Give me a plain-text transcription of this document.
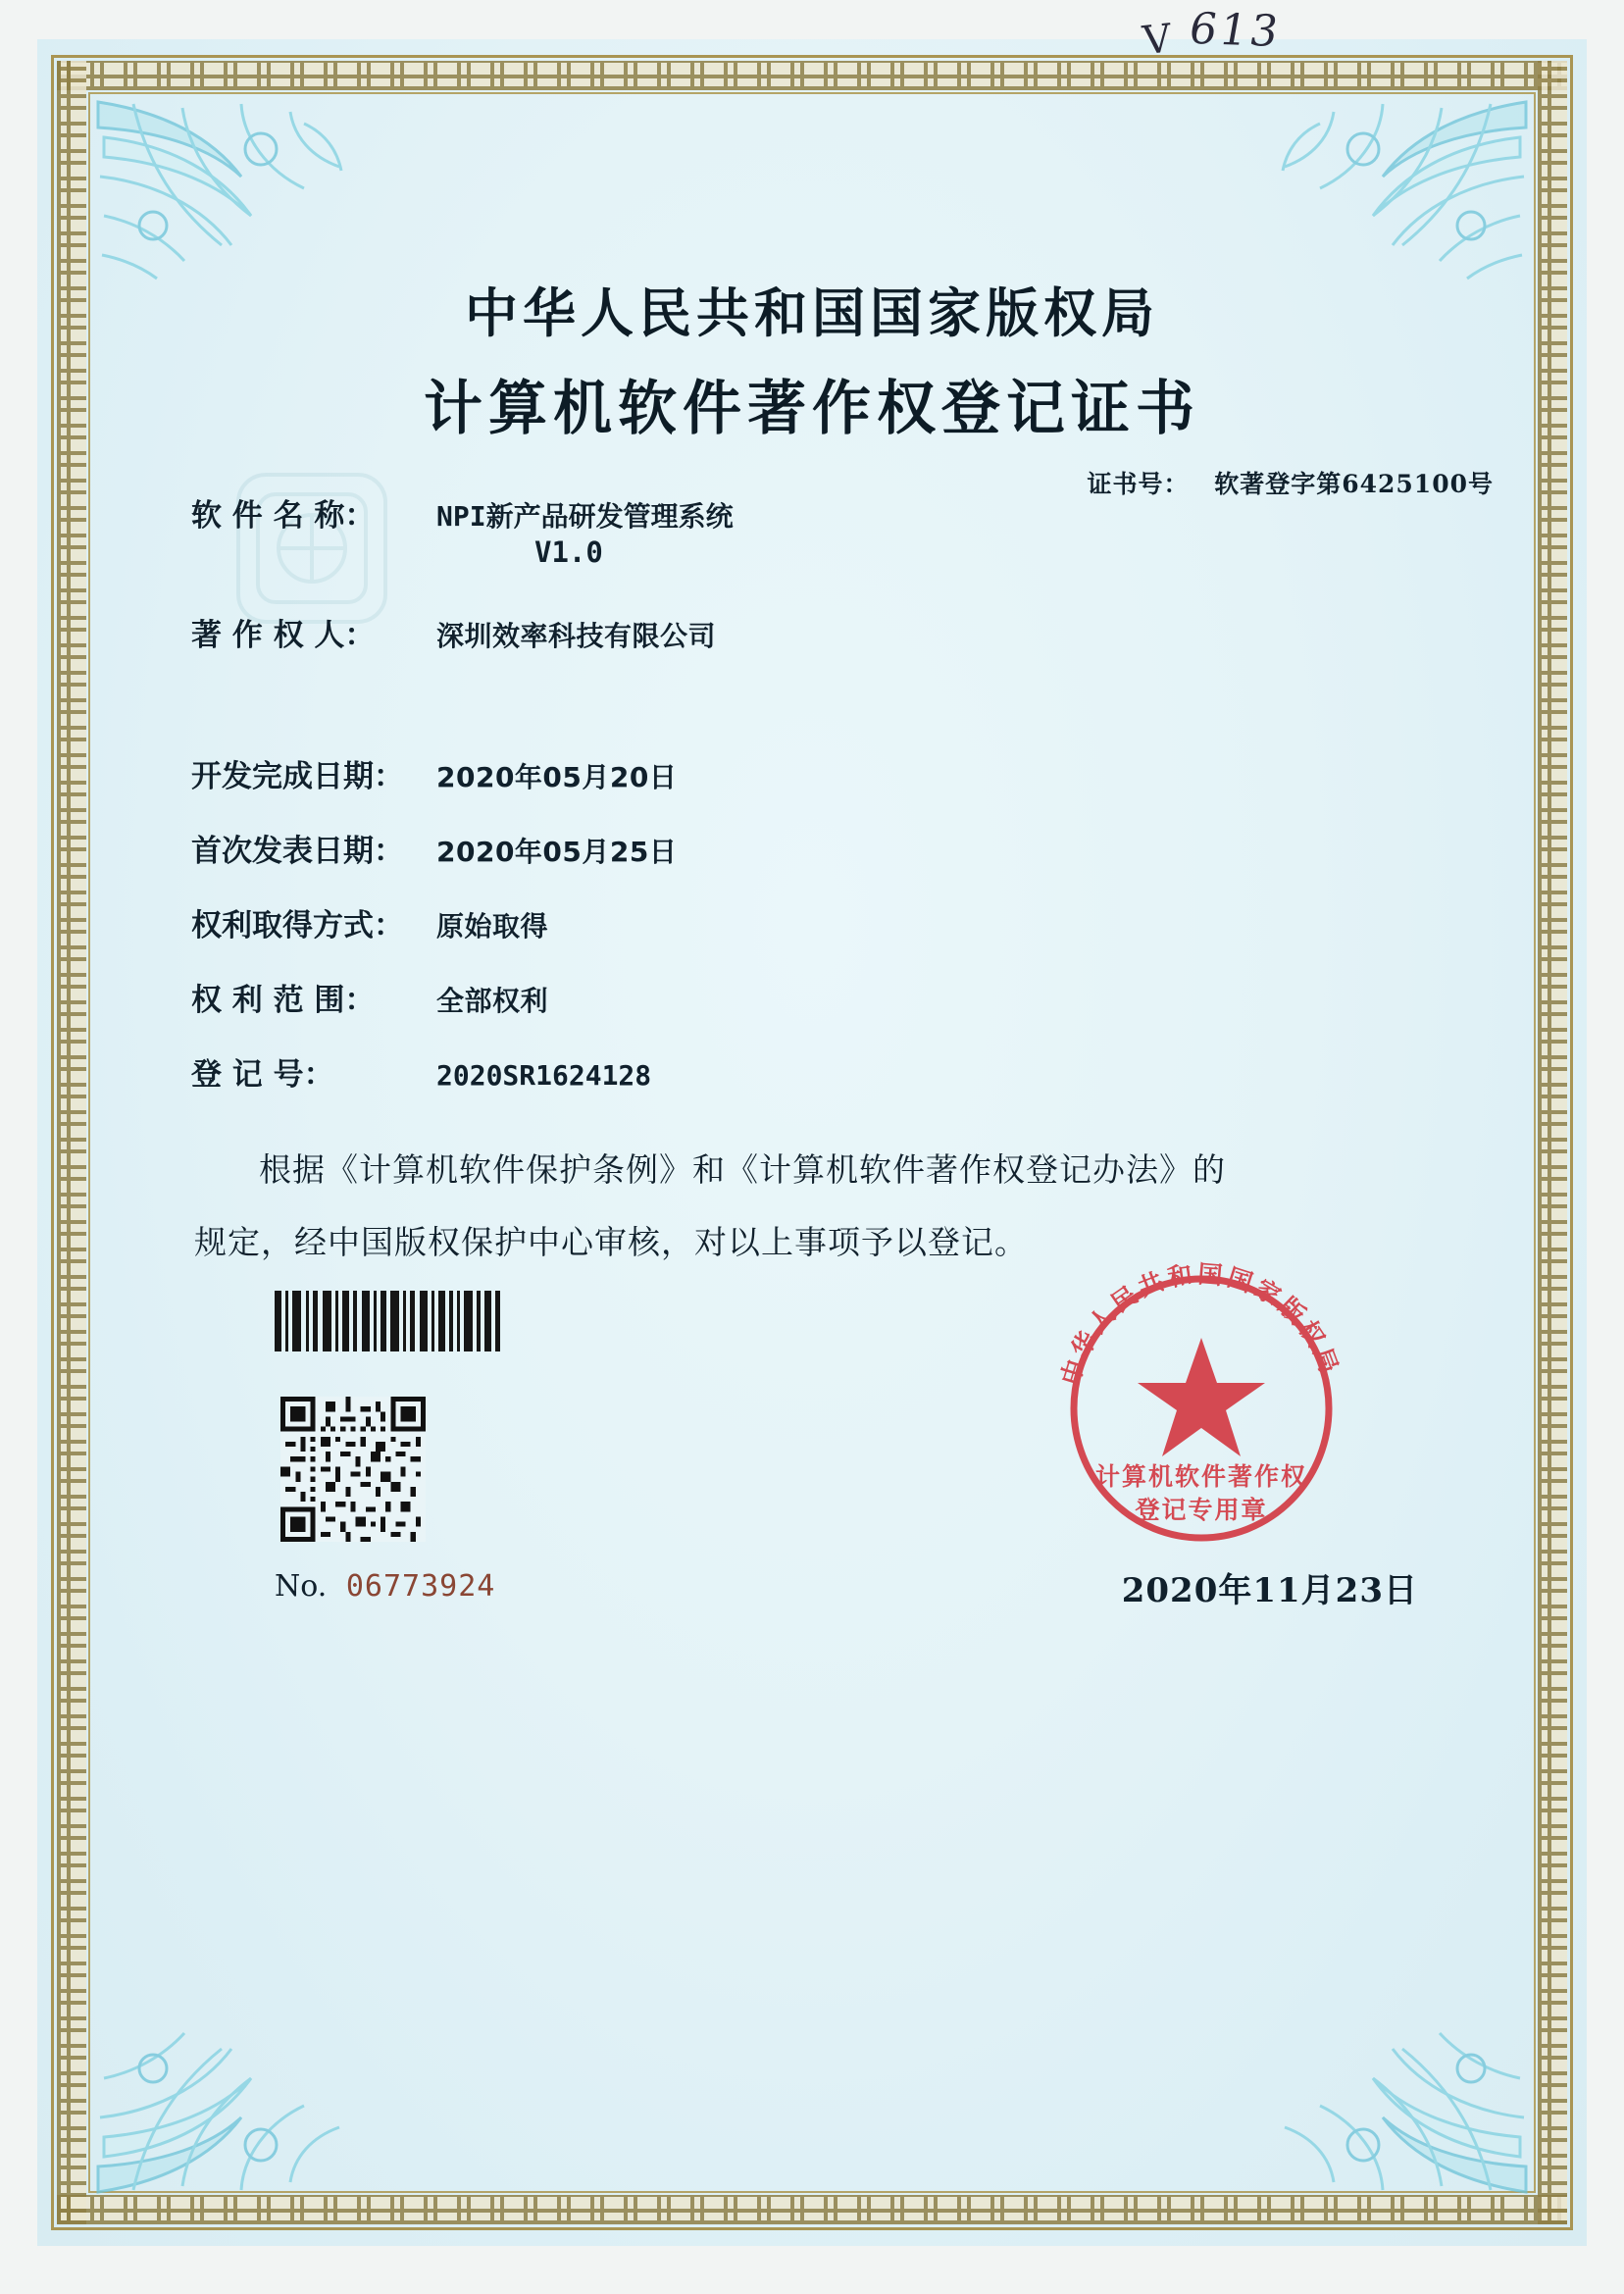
V 613
中华人民共和国国家版权局
计算机软件著作权登记证书
证书号： 软著登字第6425100号
软 件 名 称：	NPI新产品研发管理系统
V1.0
著 作 权 人：	深圳效率科技有限公司
开发完成日期：	2020年05月20日
首次发表日期：	2020年05月25日
权利取得方式：	原始取得
权 利 范 围：	全部权利
登 记 号：	2020SR1624128
根据《计算机软件保护条例》和《计算机软件著作权登记办法》的
规定，经中国版权保护中心审核，对以上事项予以登记。
中华人民共和国国家版权局
计算机软件著作权
登记专用章
No. 06773924	2020年11月23日
